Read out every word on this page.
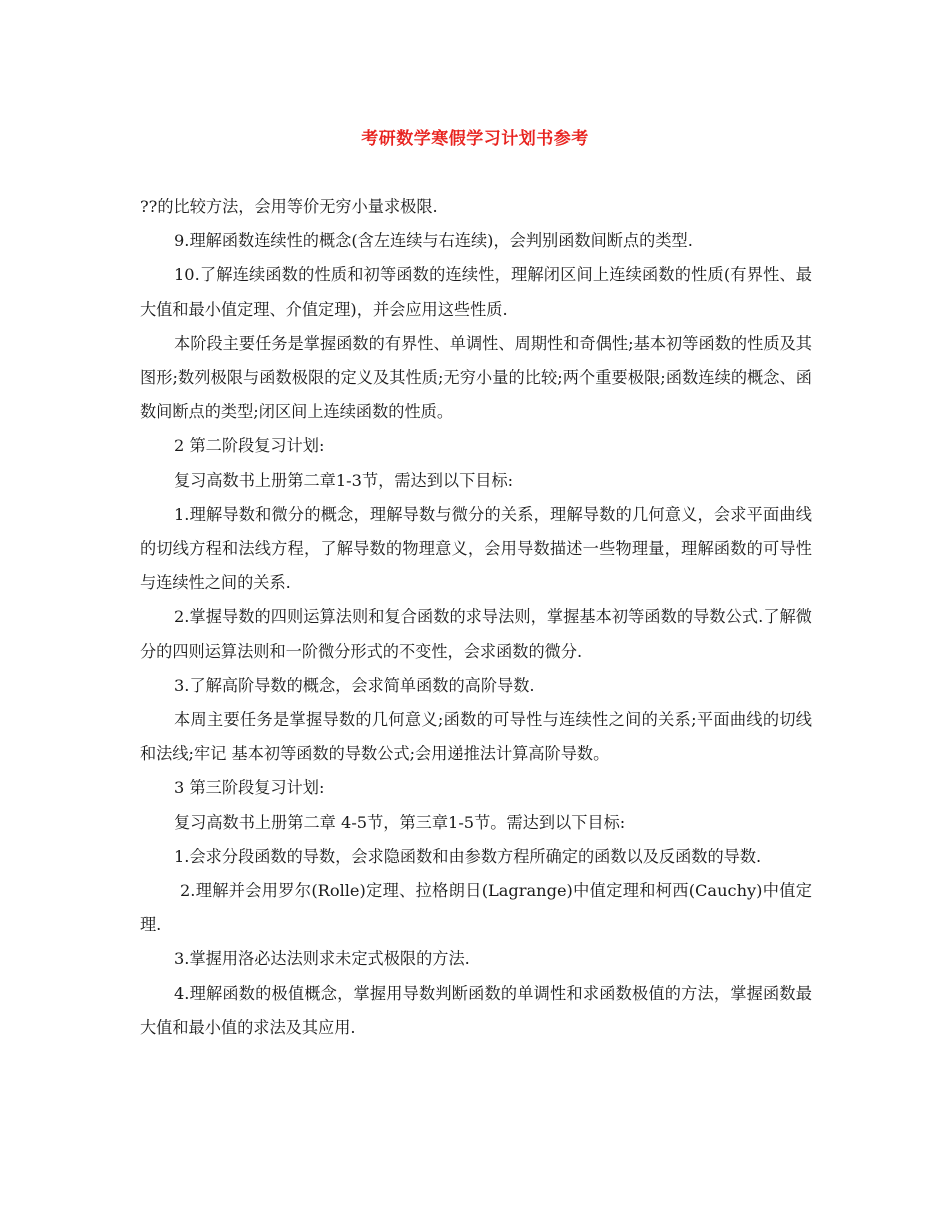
考研数学寒假学习计划书参考

??的比较方法，会用等价无穷小量求极限.

9.理解函数连续性的概念(含左连续与右连续)，会判别函数间断点的类型.

10.了解连续函数的性质和初等函数的连续性，理解闭区间上连续函数的性质(有界性、最大值和最小值定理、介值定理)，并会应用这些性质.

本阶段主要任务是掌握函数的有界性、单调性、周期性和奇偶性;基本初等函数的性质及其图形;数列极限与函数极限的定义及其性质;无穷小量的比较;两个重要极限;函数连续的概念、函数间断点的类型;闭区间上连续函数的性质。

2 第二阶段复习计划:

复习高数书上册第二章1-3节，需达到以下目标:

1.理解导数和微分的概念，理解导数与微分的关系，理解导数的几何意义，会求平面曲线的切线方程和法线方程，了解导数的物理意义，会用导数描述一些物理量，理解函数的可导性与连续性之间的关系.

2.掌握导数的四则运算法则和复合函数的求导法则，掌握基本初等函数的导数公式.了解微分的四则运算法则和一阶微分形式的不变性，会求函数的微分.

3.了解高阶导数的概念，会求简单函数的高阶导数.

本周主要任务是掌握导数的几何意义;函数的可导性与连续性之间的关系;平面曲线的切线和法线;牢记 基本初等函数的导数公式;会用递推法计算高阶导数。

3 第三阶段复习计划:

复习高数书上册第二章 4-5节，第三章1-5节。需达到以下目标:

1.会求分段函数的导数，会求隐函数和由参数方程所确定的函数以及反函数的导数.

2.理解并会用罗尔(Rolle)定理、拉格朗日(Lagrange)中值定理和柯西(Cauchy)中值定理.

3.掌握用洛必达法则求未定式极限的方法.

4.理解函数的极值概念，掌握用导数判断函数的单调性和求函数极值的方法，掌握函数最大值和最小值的求法及其应用.
